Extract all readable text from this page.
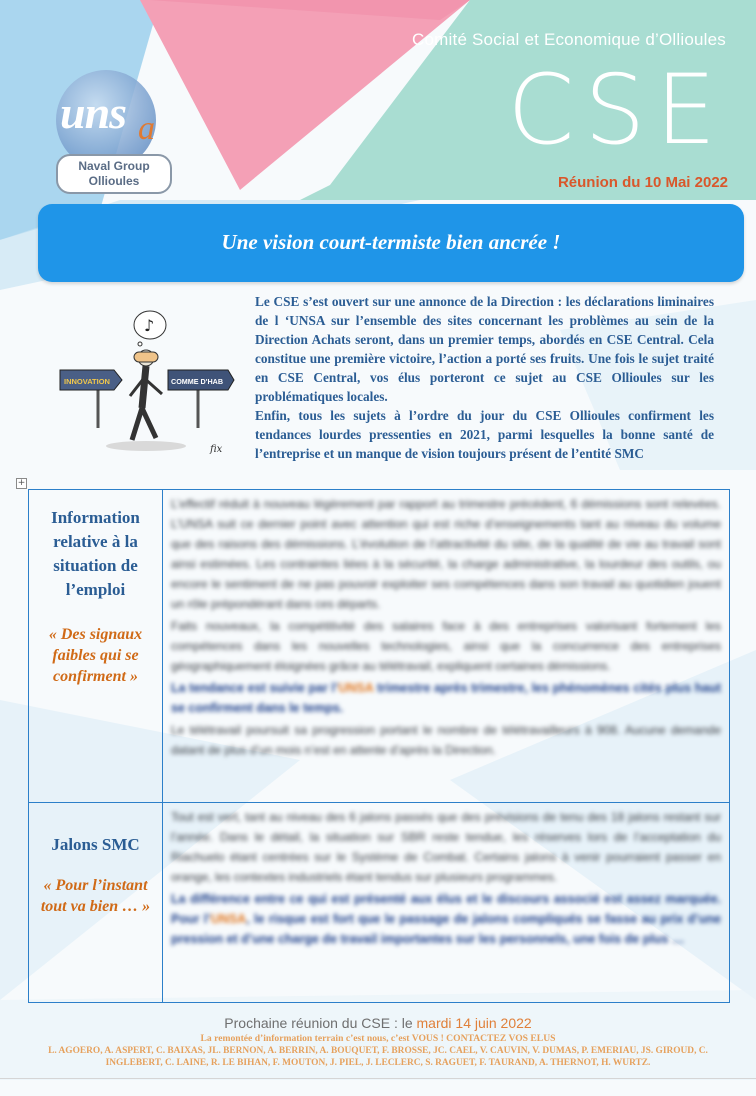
Comité Social et Economique d’Ollioules
CSE
Réunion du 10 Mai 2022
uns a
Naval Group
Ollioules
Une vision court-termiste bien ancrée !
♪
INNOVATION	COMME D'HAB
fix

Le CSE s’est ouvert sur une annonce de la Direction : les déclarations liminaires de l ‘UNSA sur l’ensemble des sites concernant les problèmes au sein de la Direction Achats seront, dans un premier temps, abordés en CSE Central. Cela constitue une première victoire, l’action a porté ses fruits. Une fois le sujet traité en CSE Central, vos élus porteront ce sujet au CSE Ollioules sur les problématiques locales.

Enfin, tous les sujets à l’ordre du jour du CSE Ollioules confirment les tendances lourdes pressenties en 2021, parmi lesquelles la bonne santé de l’entreprise et un manque de vision toujours présent de l’entité SMC

+
Information relative à la situation de l’emploi
« Des signaux faibles qui se confirment »

L’effectif réduit à nouveau légèrement par rapport au trimestre précédent, 6 démissions sont relevées. L’UNSA suit ce dernier point avec attention qui est riche d’enseignements tant au niveau du volume que des raisons des démissions. L’évolution de l’attractivité du site, de la qualité de vie au travail sont ainsi estimées. Les contraintes liées à la sécurité, la charge administrative, la lourdeur des outils, ou encore le sentiment de ne pas pouvoir exploiter ses compétences dans son travail au quotidien jouent un rôle prépondérant dans ces départs.

Faits nouveaux, la compétitivité des salaires face à des entreprises valorisant fortement les compétences dans les nouvelles technologies, ainsi que la concurrence des entreprises géographiquement éloignées grâce au télétravail, expliquent certaines démissions.

La tendance est suivie par l’UNSA trimestre après trimestre, les phénomènes cités plus haut se confirment dans le temps.

Le télétravail poursuit sa progression portant le nombre de télétravailleurs à 908. Aucune demande datant de plus d’un mois n’est en attente d’après la Direction.

Jalons SMC
« Pour l’instant tout va bien … »

Tout est vert, tant au niveau des 6 jalons passés que des prévisions de tenu des 18 jalons restant sur l’année. Dans le détail, la situation sur SBR reste tendue, les réserves lors de l’acceptation du Riachuelo étant centrées sur le Système de Combat. Certains jalons à venir pourraient passer en orange, les contextes industriels étant tendus sur plusieurs programmes.

La différence entre ce qui est présenté aux élus et le discours associé est assez marquée. Pour l’UNSA, le risque est fort que le passage de jalons compliqués se fasse au prix d’une pression et d’une charge de travail importantes sur les personnels, une fois de plus …

Prochaine réunion du CSE : le mardi 14 juin 2022
La remontée d’information terrain c’est nous, c’est VOUS ! CONTACTEZ VOS ELUS
L. AGOERO, A. ASPERT, C. BAIXAS, JL. BERNON, A. BERRIN, A. BOUQUET, F. BROSSE, JC. CAEL, V. CAUVIN, V. DUMAS, P. EMERIAU, JS. GIROUD, C. INGLEBERT, C. LAINE, R. LE BIHAN, F. MOUTON, J. PIEL, J. LECLERC, S. RAGUET, F. TAURAND, A. THERNOT, H. WURTZ.
